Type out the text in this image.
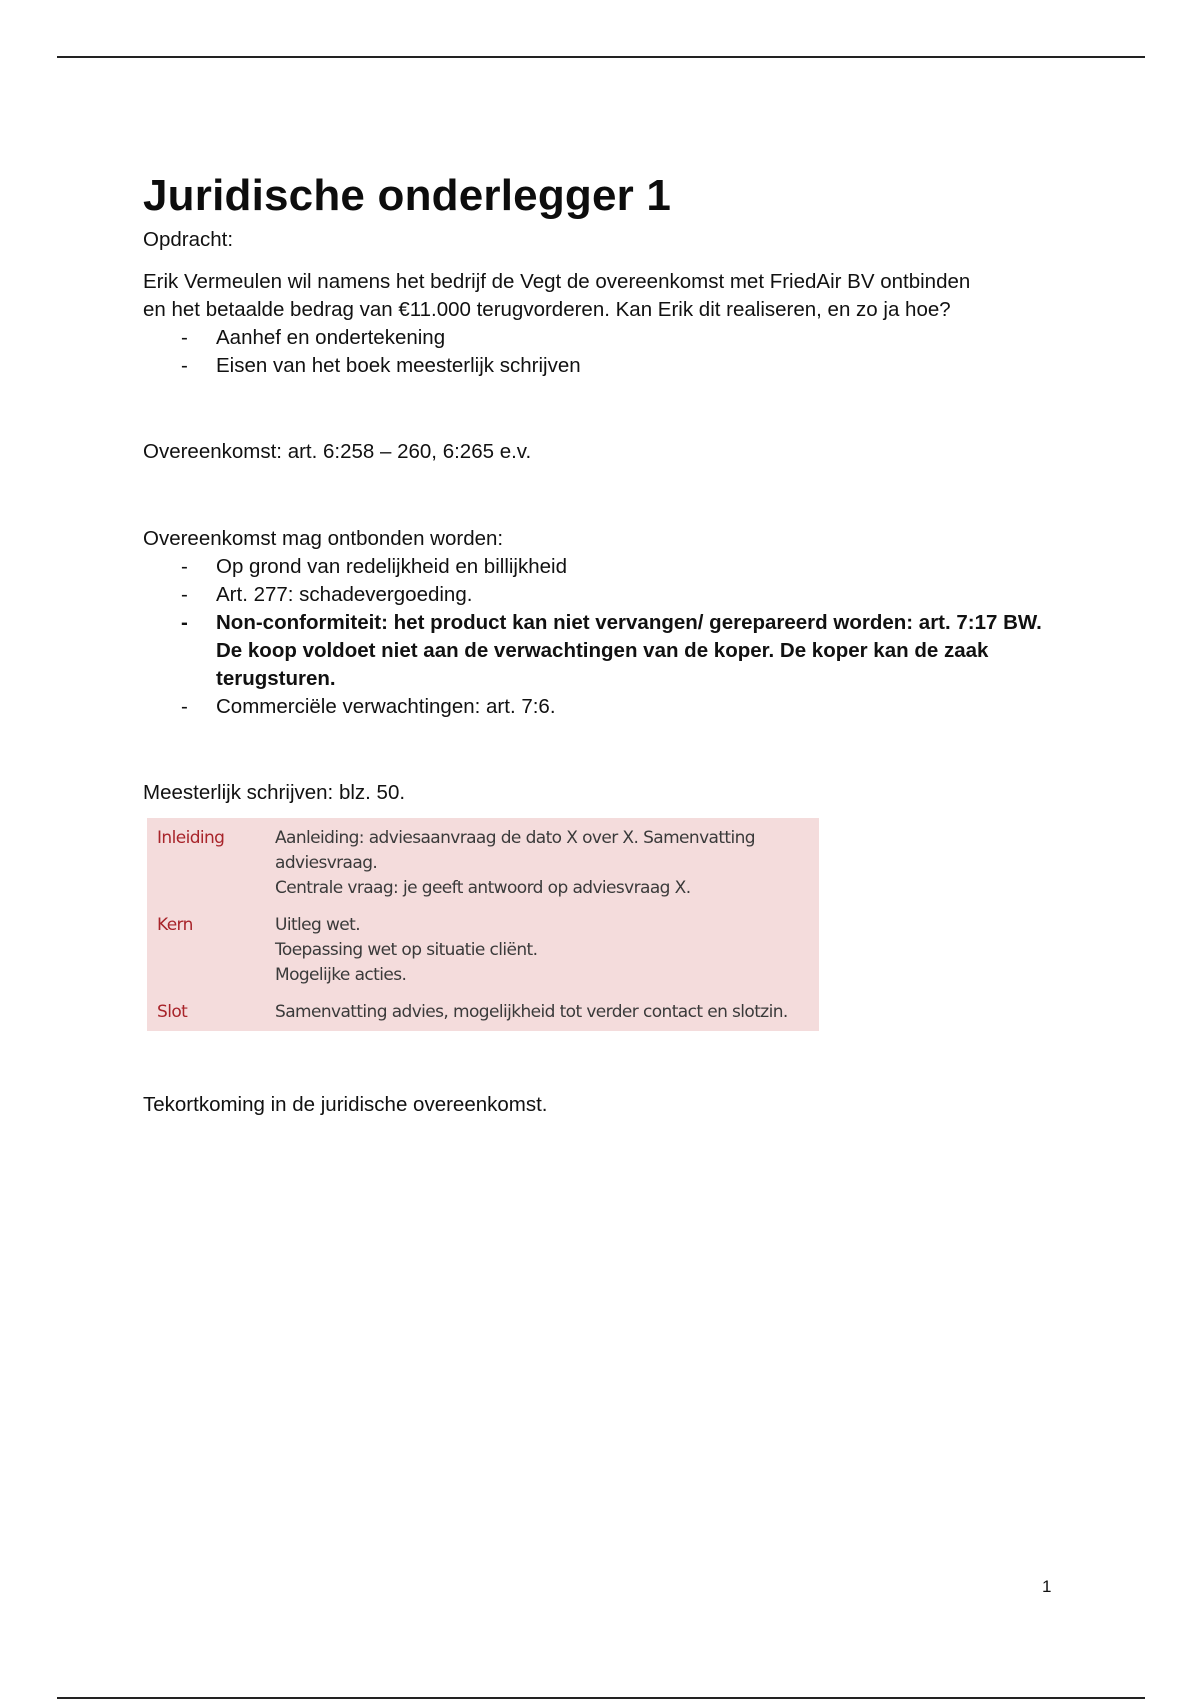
Juridische onderlegger 1

Opdracht:

Erik Vermeulen wil namens het bedrijf de Vegt de overeenkomst met FriedAir BV ontbinden
en het betaalde bedrag van €11.000 terugvorderen. Kan Erik dit realiseren, en zo ja hoe?

- Aanhef en ondertekening
- Eisen van het boek meesterlijk schrijven

Overeenkomst: art. 6:258 – 260, 6:265 e.v.

Overeenkomst mag ontbonden worden:

- Op grond van redelijkheid en billijkheid
- Art. 277: schadevergoeding.
- Non-conformiteit: het product kan niet vervangen/ gerepareerd worden: art. 7:17 BW. De koop voldoet niet aan de verwachtingen van de koper. De koper kan de zaak terugsturen.
- Commerciële verwachtingen: art. 7:6.

Meesterlijk schrijven: blz. 50.

Inleiding	Aanleiding: adviesaanvraag de dato X over X. Samenvatting
adviesvraag.
Centrale vraag: je geeft antwoord op adviesvraag X.
Kern	Uitleg wet.
Toepassing wet op situatie cliënt.
Mogelijke acties.
Slot	Samenvatting advies, mogelijkheid tot verder contact en slotzin.

Tekortkoming in de juridische overeenkomst.

1
